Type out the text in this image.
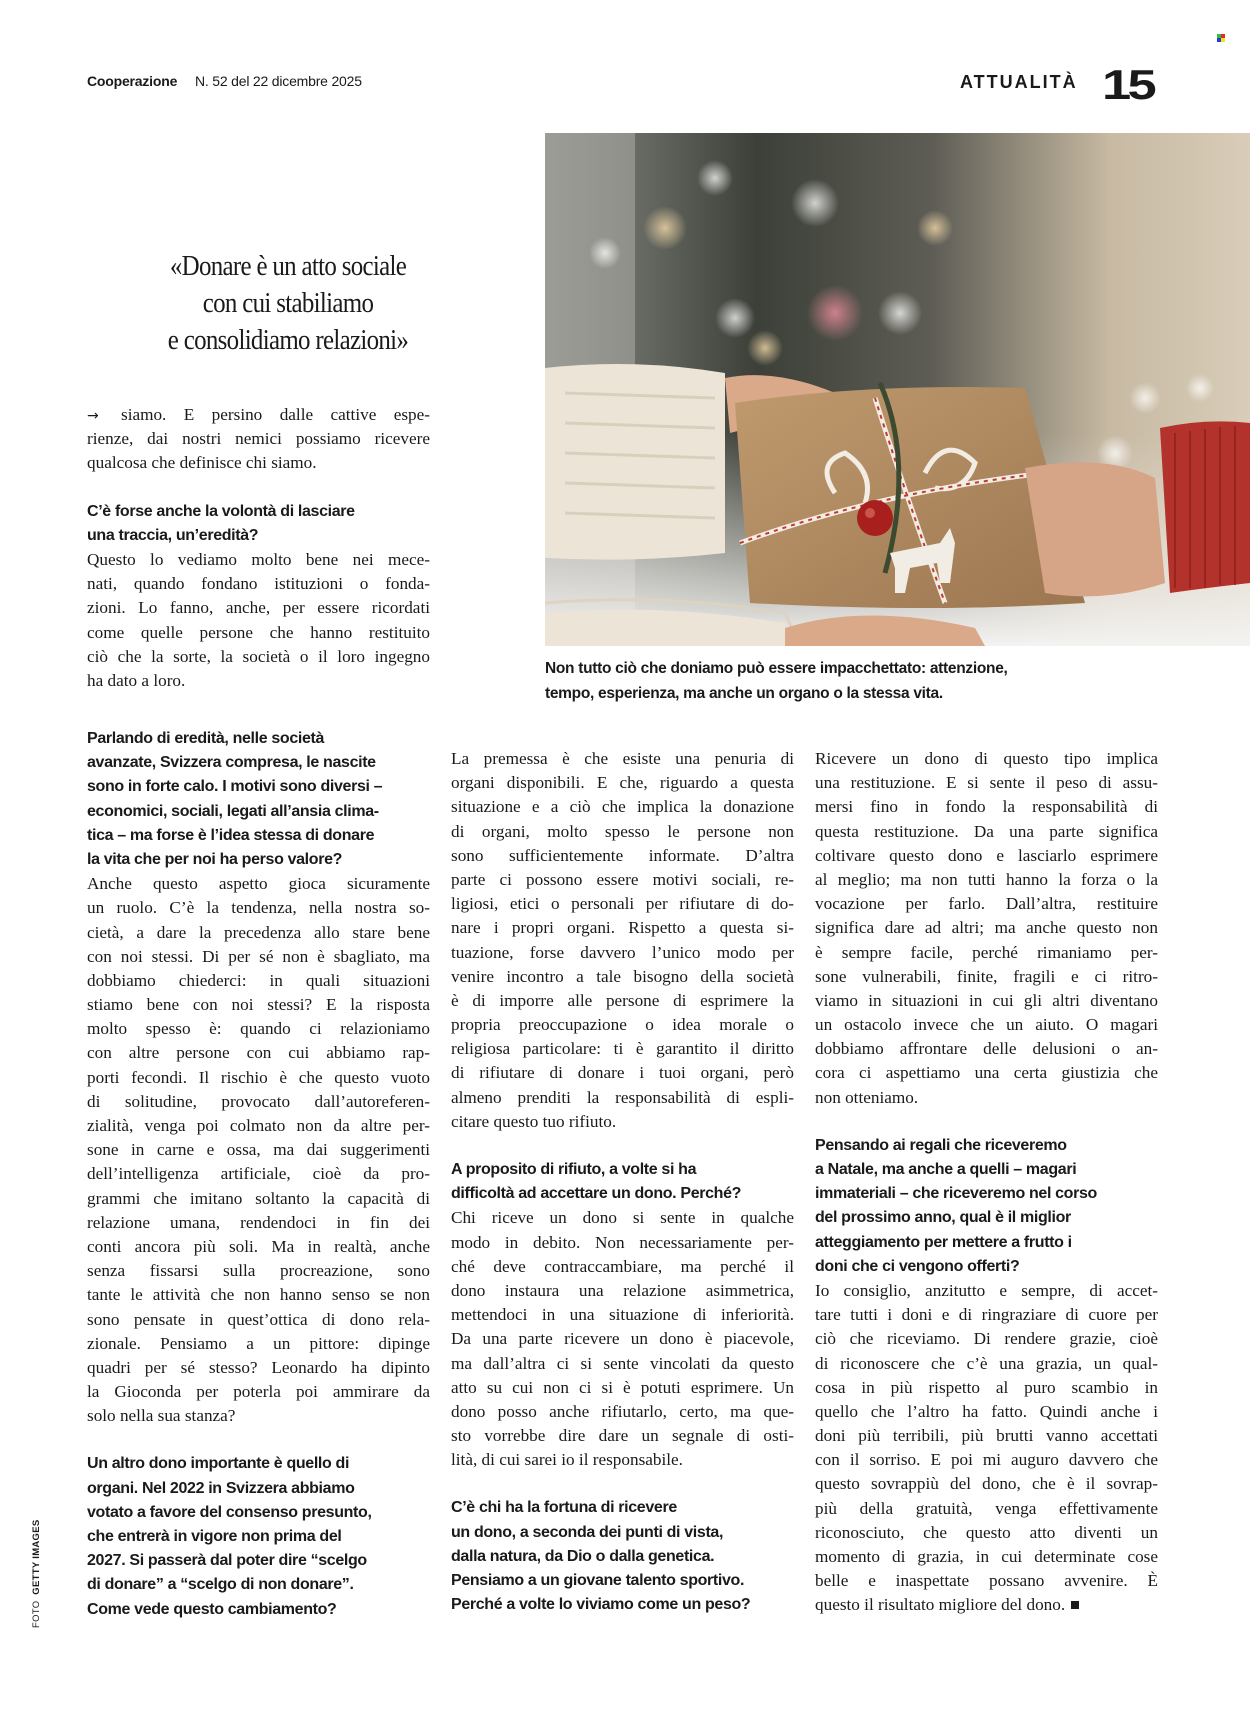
Cooperazione N. 52 del 22 dicembre 2025	ATTUALITÀ 15
«Donare è un atto sociale
con cui stabiliamo
e consolidiamo relazioni»
Non tutto ciò che doniamo può essere impacchettato: attenzione,
tempo, esperienza, ma anche un organo o la stessa vita.
FOTO  GETTY IMAGES
→ siamo. E persino dalle cattive espe-
rienze, dai nostri nemici possiamo ricevere
qualcosa che definisce chi siamo.
C’è forse anche la volontà di lasciare
una traccia, un’eredità?
Questo lo vediamo molto bene nei mece-
nati, quando fondano istituzioni o fonda-
zioni. Lo fanno, anche, per essere ricordati
come quelle persone che hanno restituito
ciò che la sorte, la società o il loro ingegno
ha dato a loro.
Parlando di eredità, nelle società
avanzate, Svizzera compresa, le nascite
sono in forte calo. I motivi sono diversi –
economici, sociali, legati all’ansia clima-
tica – ma forse è l’idea stessa di donare
la vita che per noi ha perso valore?
Anche questo aspetto gioca sicuramente
un ruolo. C’è la tendenza, nella nostra so-
cietà, a dare la precedenza allo stare bene
con noi stessi. Di per sé non è sbagliato, ma
dobbiamo chiederci: in quali situazioni
stiamo bene con noi stessi? E la risposta
molto spesso è: quando ci relazioniamo
con altre persone con cui abbiamo rap-
porti fecondi. Il rischio è che questo vuoto
di solitudine, provocato dall’autoreferen-
zialità, venga poi colmato non da altre per-
sone in carne e ossa, ma dai suggerimenti
dell’intelligenza artificiale, cioè da pro-
grammi che imitano soltanto la capacità di
relazione umana, rendendoci in fin dei
conti ancora più soli. Ma in realtà, anche
senza fissarsi sulla procreazione, sono
tante le attività che non hanno senso se non
sono pensate in quest’ottica di dono rela-
zionale. Pensiamo a un pittore: dipinge
quadri per sé stesso? Leonardo ha dipinto
la Gioconda per poterla poi ammirare da
solo nella sua stanza?
Un altro dono importante è quello di
organi. Nel 2022 in Svizzera abbiamo
votato a favore del consenso presunto,
che entrerà in vigore non prima del
2027. Si passerà dal poter dire “scelgo
di donare” a “scelgo di non donare”.
Come vede questo cambiamento?
La premessa è che esiste una penuria di
organi disponibili. E che, riguardo a questa
situazione e a ciò che implica la donazione
di organi, molto spesso le persone non
sono sufficientemente informate. D’altra
parte ci possono essere motivi sociali, re-
ligiosi, etici o personali per rifiutare di do-
nare i propri organi. Rispetto a questa si-
tuazione, forse davvero l’unico modo per
venire incontro a tale bisogno della società
è di imporre alle persone di esprimere la
propria preoccupazione o idea morale o
religiosa particolare: ti è garantito il diritto
di rifiutare di donare i tuoi organi, però
almeno prenditi la responsabilità di espli-
citare questo tuo rifiuto.
A proposito di rifiuto, a volte si ha
difficoltà ad accettare un dono. Perché?
Chi riceve un dono si sente in qualche
modo in debito. Non necessariamente per-
ché deve contraccambiare, ma perché il
dono instaura una relazione asimmetrica,
mettendoci in una situazione di inferiorità.
Da una parte ricevere un dono è piacevole,
ma dall’altra ci si sente vincolati da questo
atto su cui non ci si è potuti esprimere. Un
dono posso anche rifiutarlo, certo, ma que-
sto vorrebbe dire dare un segnale di osti-
lità, di cui sarei io il responsabile.
C’è chi ha la fortuna di ricevere
un dono, a seconda dei punti di vista,
dalla natura, da Dio o dalla genetica.
Pensiamo a un giovane talento sportivo.
Perché a volte lo viviamo come un peso?
Ricevere un dono di questo tipo implica
una restituzione. E si sente il peso di assu-
mersi fino in fondo la responsabilità di
questa restituzione. Da una parte significa
coltivare questo dono e lasciarlo esprimere
al meglio; ma non tutti hanno la forza o la
vocazione per farlo. Dall’altra, restituire
significa dare ad altri; ma anche questo non
è sempre facile, perché rimaniamo per-
sone vulnerabili, finite, fragili e ci ritro-
viamo in situazioni in cui gli altri diventano
un ostacolo invece che un aiuto. O magari
dobbiamo affrontare delle delusioni o an-
cora ci aspettiamo una certa giustizia che
non otteniamo.
Pensando ai regali che riceveremo
a Natale, ma anche a quelli – magari
immateriali – che riceveremo nel corso
del prossimo anno, qual è il miglior
atteggiamento per mettere a frutto i
doni che ci vengono offerti?
Io consiglio, anzitutto e sempre, di accet-
tare tutti i doni e di ringraziare di cuore per
ciò che riceviamo. Di rendere grazie, cioè
di riconoscere che c’è una grazia, un qual-
cosa in più rispetto al puro scambio in
quello che l’altro ha fatto. Quindi anche i
doni più terribili, più brutti vanno accettati
con il sorriso. E poi mi auguro davvero che
questo sovrappiù del dono, che è il sovrap-
più della gratuità, venga effettivamente
riconosciuto, che questo atto diventi un
momento di grazia, in cui determinate cose
belle e inaspettate possano avvenire. È
questo il risultato migliore del dono.
